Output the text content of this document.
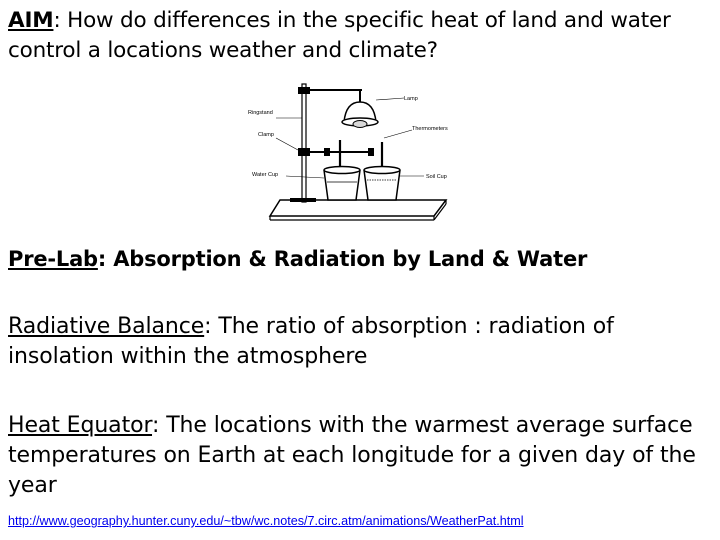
AIM: How do differences in the specific heat of land and water control a locations weather and climate?
Ringstand
Clamp
Water Cup
Lamp
Thermometers
Soil Cup
Pre-Lab: Absorption & Radiation by Land & Water
Radiative Balance: The ratio of absorption : radiation of insolation within the atmosphere
Heat Equator: The locations with the warmest average surface temperatures on Earth at each longitude for a given day of the year
http://www.geography.hunter.cuny.edu/~tbw/wc.notes/7.circ.atm/animations/WeatherPat.html
